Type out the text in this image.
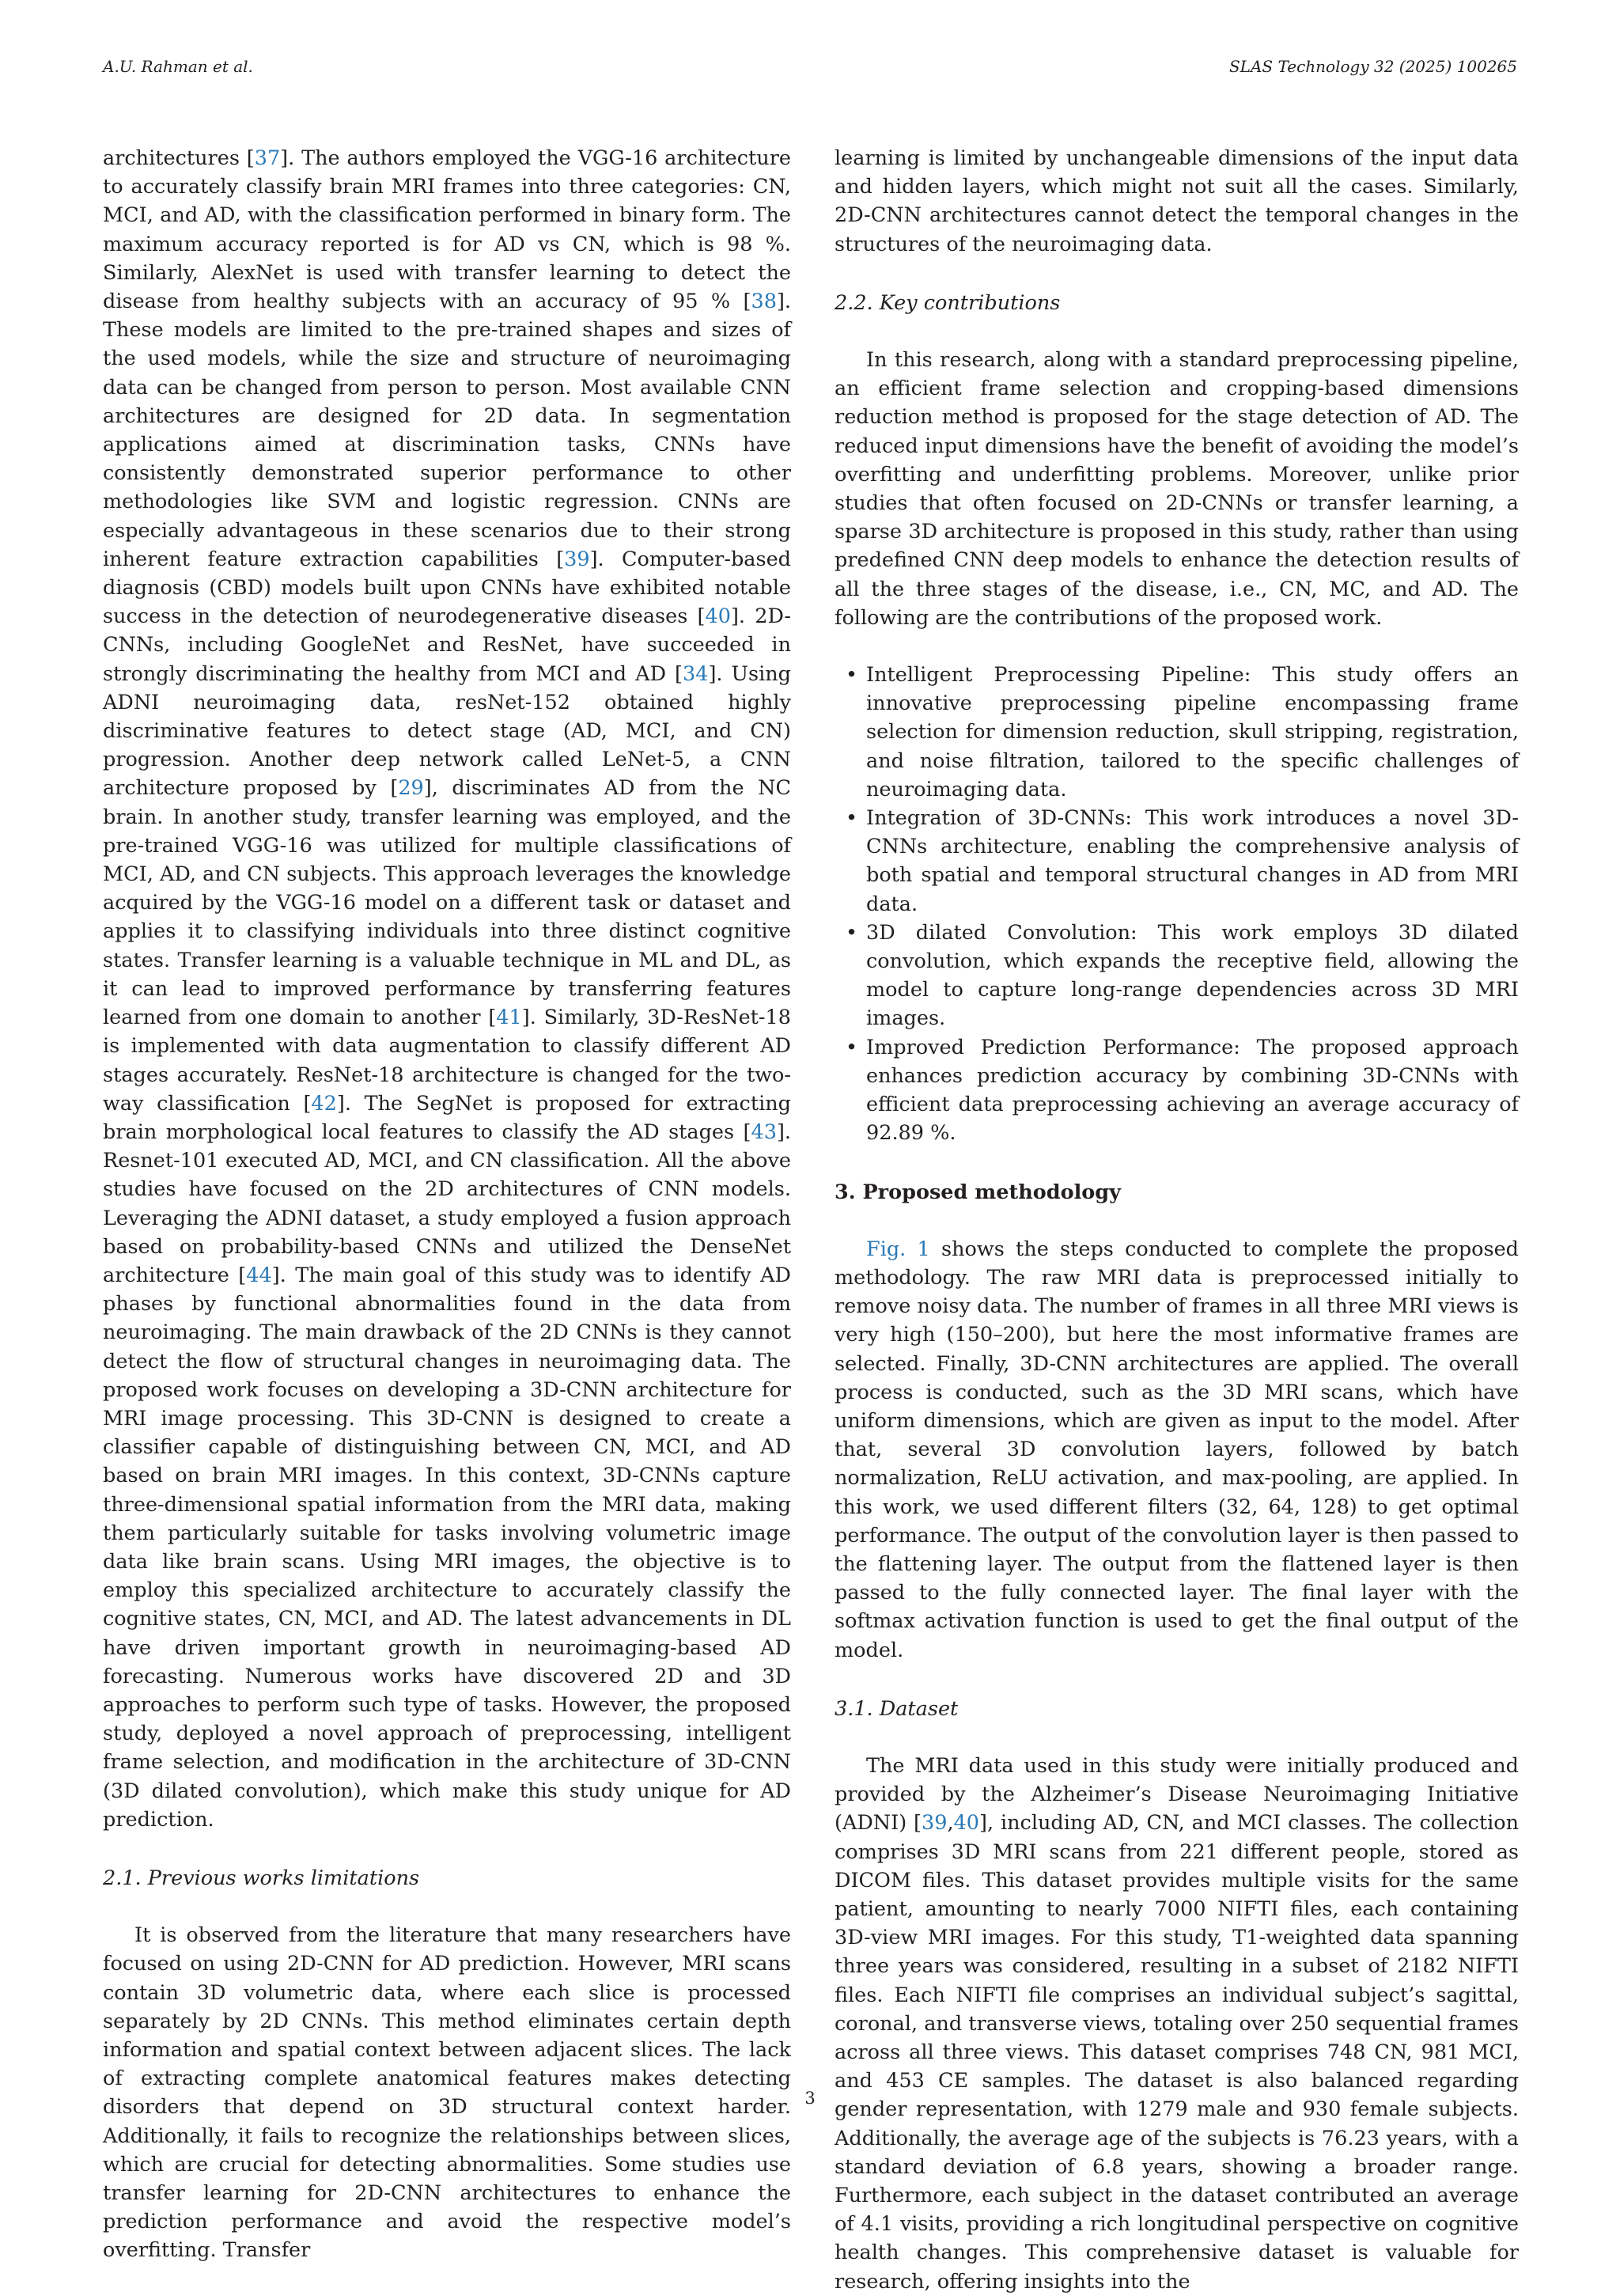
A.U. Rahman et al.	SLAS Technology 32 (2025) 100265

architectures [37]. The authors employed the VGG-16 architecture to accurately classify brain MRI frames into three categories: CN, MCI, and AD, with the classification performed in binary form. The maximum accuracy reported is for AD vs CN, which is 98 %. Similarly, AlexNet is used with transfer learning to detect the disease from healthy subjects with an accuracy of 95 % [38]. These models are limited to the pre-trained shapes and sizes of the used models, while the size and structure of neuroimaging data can be changed from person to person. Most available CNN architectures are designed for 2D data. In segmentation applications aimed at discrimination tasks, CNNs have consistently demonstrated superior performance to other methodologies like SVM and logistic regression. CNNs are especially advantageous in these scenarios due to their strong inherent feature extraction capabilities [39]. Computer-based diagnosis (CBD) models built upon CNNs have exhibited notable success in the detection of neurodegenerative diseases [40]. 2D-CNNs, including GoogleNet and ResNet, have succeeded in strongly discriminating the healthy from MCI and AD [34]. Using ADNI neuroimaging data, resNet-152 obtained highly discriminative features to detect stage (AD, MCI, and CN) progression. Another deep network called LeNet-5, a CNN architecture proposed by [29], discriminates AD from the NC brain. In another study, transfer learning was employed, and the pre-trained VGG-16 was utilized for multiple classifications of MCI, AD, and CN subjects. This approach leverages the knowledge acquired by the VGG-16 model on a different task or dataset and applies it to classifying individuals into three distinct cognitive states. Transfer learning is a valuable technique in ML and DL, as it can lead to improved performance by transferring features learned from one domain to another [41]. Similarly, 3D-ResNet-18 is implemented with data augmentation to classify different AD stages accurately. ResNet-18 architecture is changed for the two-way classification [42]. The SegNet is proposed for extracting brain morphological local features to classify the AD stages [43]. Resnet-101 executed AD, MCI, and CN classification. All the above studies have focused on the 2D architectures of CNN models. Leveraging the ADNI dataset, a study employed a fusion approach based on probability-based CNNs and utilized the DenseNet architecture [44]. The main goal of this study was to identify AD phases by functional abnormalities found in the data from neuroimaging. The main drawback of the 2D CNNs is they cannot detect the flow of structural changes in neuroimaging data. The proposed work focuses on developing a 3D-CNN architecture for MRI image processing. This 3D-CNN is designed to create a classifier capable of distinguishing between CN, MCI, and AD based on brain MRI images. In this context, 3D-CNNs capture three-dimensional spatial information from the MRI data, making them particularly suitable for tasks involving volumetric image data like brain scans. Using MRI images, the objective is to employ this specialized architecture to accurately classify the cognitive states, CN, MCI, and AD. The latest advancements in DL have driven important growth in neuroimaging-based AD forecasting. Numerous works have discovered 2D and 3D approaches to perform such type of tasks. However, the proposed study, deployed a novel approach of preprocessing, intelligent frame selection, and modification in the architecture of 3D-CNN (3D dilated convolution), which make this study unique for AD prediction.

2.1. Previous works limitations

It is observed from the literature that many researchers have focused on using 2D-CNN for AD prediction. However, MRI scans contain 3D volumetric data, where each slice is processed separately by 2D CNNs. This method eliminates certain depth information and spatial context between adjacent slices. The lack of extracting complete anatomical features makes detecting disorders that depend on 3D structural context harder. Additionally, it fails to recognize the relationships between slices, which are crucial for detecting abnormalities. Some studies use transfer learning for 2D-CNN architectures to enhance the prediction performance and avoid the respective model’s overfitting. Transfer

learning is limited by unchangeable dimensions of the input data and hidden layers, which might not suit all the cases. Similarly, 2D-CNN architectures cannot detect the temporal changes in the structures of the neuroimaging data.

2.2. Key contributions

In this research, along with a standard preprocessing pipeline, an efficient frame selection and cropping-based dimensions reduction method is proposed for the stage detection of AD. The reduced input dimensions have the benefit of avoiding the model’s overfitting and underfitting problems. Moreover, unlike prior studies that often focused on 2D-CNNs or transfer learning, a sparse 3D architecture is proposed in this study, rather than using predefined CNN deep models to enhance the detection results of all the three stages of the disease, i.e., CN, MC, and AD. The following are the contributions of the proposed work.

• Intelligent Preprocessing Pipeline: This study offers an innovative preprocessing pipeline encompassing frame selection for dimension reduction, skull stripping, registration, and noise filtration, tailored to the specific challenges of neuroimaging data.
• Integration of 3D-CNNs: This work introduces a novel 3D-CNNs architecture, enabling the comprehensive analysis of both spatial and temporal structural changes in AD from MRI data.
• 3D dilated Convolution: This work employs 3D dilated convolution, which expands the receptive field, allowing the model to capture long-range dependencies across 3D MRI images.
• Improved Prediction Performance: The proposed approach enhances prediction accuracy by combining 3D-CNNs with efficient data preprocessing achieving an average accuracy of 92.89 %.
3. Proposed methodology

Fig. 1 shows the steps conducted to complete the proposed methodology. The raw MRI data is preprocessed initially to remove noisy data. The number of frames in all three MRI views is very high (150–200), but here the most informative frames are selected. Finally, 3D-CNN architectures are applied. The overall process is conducted, such as the 3D MRI scans, which have uniform dimensions, which are given as input to the model. After that, several 3D convolution layers, followed by batch normalization, ReLU activation, and max-pooling, are applied. In this work, we used different filters (32, 64, 128) to get optimal performance. The output of the convolution layer is then passed to the flattening layer. The output from the flattened layer is then passed to the fully connected layer. The final layer with the softmax activation function is used to get the final output of the model.

3.1. Dataset

The MRI data used in this study were initially produced and provided by the Alzheimer’s Disease Neuroimaging Initiative (ADNI) [39,40], including AD, CN, and MCI classes. The collection comprises 3D MRI scans from 221 different people, stored as DICOM files. This dataset provides multiple visits for the same patient, amounting to nearly 7000 NIFTI files, each containing 3D-view MRI images. For this study, T1-weighted data spanning three years was considered, resulting in a subset of 2182 NIFTI files. Each NIFTI file comprises an individual subject’s sagittal, coronal, and transverse views, totaling over 250 sequential frames across all three views. This dataset comprises 748 CN, 981 MCI, and 453 CE samples. The dataset is also balanced regarding gender representation, with 1279 male and 930 female subjects. Additionally, the average age of the subjects is 76.23 years, with a standard deviation of 6.8 years, showing a broader range. Furthermore, each subject in the dataset contributed an average of 4.1 visits, providing a rich longitudinal perspective on cognitive health changes. This comprehensive dataset is valuable for research, offering insights into the

3
